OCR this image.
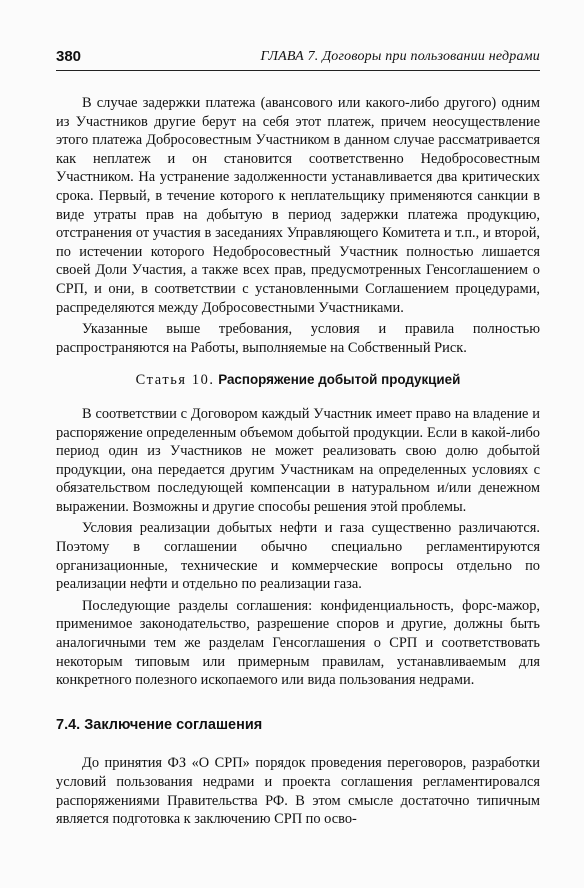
380	ГЛАВА 7. Договоры при пользовании недрами

В случае задержки платежа (авансового или какого-либо другого) одним из Участников другие берут на себя этот платеж, причем неосуществление этого платежа Добросовестным Участником в данном случае рассматривается как неплатеж и он становится соответственно Недобросовестным Участником. На устранение задолженности устанавливается два критических срока. Первый, в течение которого к неплательщику применяются санкции в виде утраты прав на добытую в период задержки платежа продукцию, отстранения от участия в заседаниях Управляющего Комитета и т.п., и второй, по истечении которого Недобросовестный Участник полностью лишается своей Доли Участия, а также всех прав, предусмотренных Генсоглашением о СРП, и они, в соответствии с установленными Соглашением процедурами, распределяются между Добросовестными Участниками.

Указанные выше требования, условия и правила полностью распространяются на Работы, выполняемые на Собственный Риск.

Статья 10. Распоряжение добытой продукцией

В соответствии с Договором каждый Участник имеет право на владение и распоряжение определенным объемом добытой продукции. Если в какой-либо период один из Участников не может реализовать свою долю добытой продукции, она передается другим Участникам на определенных условиях с обязательством последующей компенсации в натуральном и/или денежном выражении. Возможны и другие способы решения этой проблемы.

Условия реализации добытых нефти и газа существенно различаются. Поэтому в соглашении обычно специально регламентируются организационные, технические и коммерческие вопросы отдельно по реализации нефти и отдельно по реализации газа.

Последующие разделы соглашения: конфиденциальность, форс-мажор, применимое законодательство, разрешение споров и другие, должны быть аналогичными тем же разделам Генсоглашения о СРП и соответствовать некоторым типовым или примерным правилам, устанавливаемым для конкретного полезного ископаемого или вида пользования недрами.

7.4. Заключение соглашения

До принятия ФЗ «О СРП» порядок проведения переговоров, разработки условий пользования недрами и проекта соглашения регламентировался распоряжениями Правительства РФ. В этом смысле достаточно типичным является подготовка к заключению СРП по осво-
